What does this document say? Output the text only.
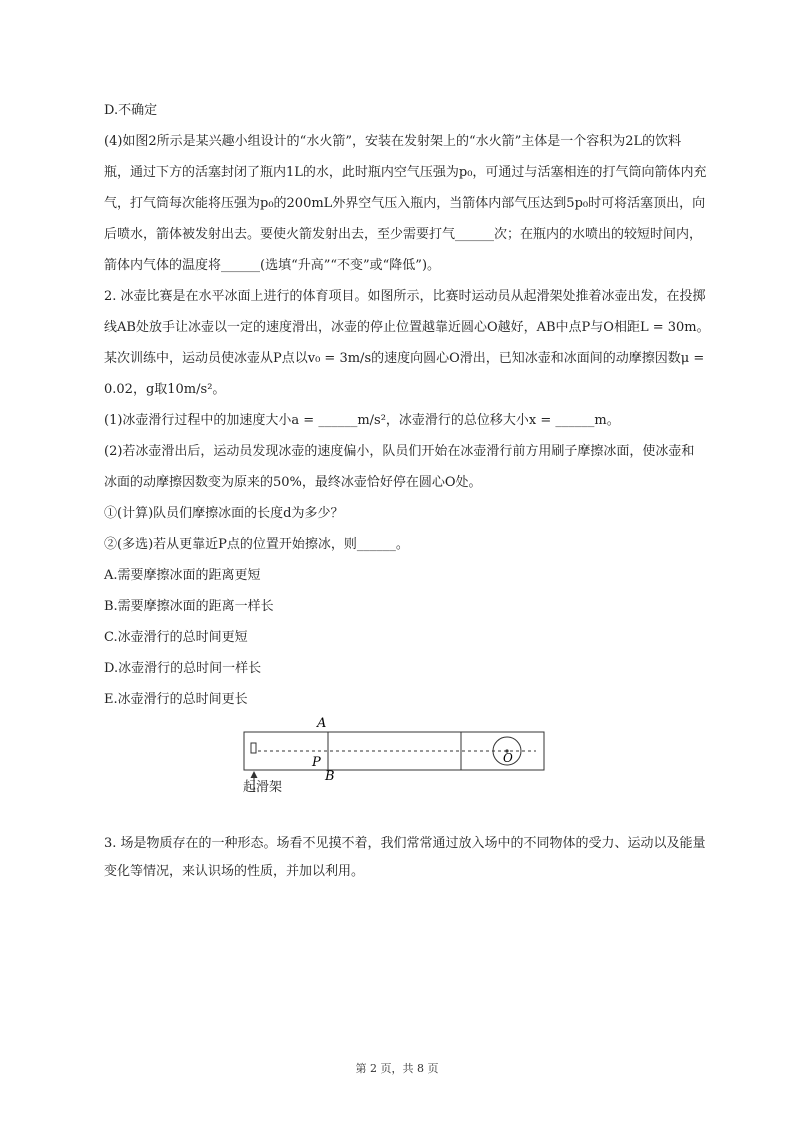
D.不确定
(4)如图2所示是某兴趣小组设计的“水火箭”，安装在发射架上的“水火箭”主体是一个容积为2L的饮料
瓶，通过下方的活塞封闭了瓶内1L的水，此时瓶内空气压强为p₀，可通过与活塞相连的打气筒向箭体内充
气，打气筒每次能将压强为p₀的200mL外界空气压入瓶内，当箭体内部气压达到5p₀时可将活塞顶出，向
后喷水，箭体被发射出去。要使火箭发射出去，至少需要打气______次；在瓶内的水喷出的较短时间内，
箭体内气体的温度将______(选填“升高”“不变”或“降低”)。
2. 冰壶比赛是在水平冰面上进行的体育项目。如图所示，比赛时运动员从起滑架处推着冰壶出发，在投掷
线AB处放手让冰壶以一定的速度滑出，冰壶的停止位置越靠近圆心O越好，AB中点P与O相距L = 30m。
某次训练中，运动员使冰壶从P点以v₀ = 3m/s的速度向圆心O滑出，已知冰壶和冰面间的动摩擦因数μ =
0.02，g取10m/s²。
(1)冰壶滑行过程中的加速度大小a = ______m/s²，冰壶滑行的总位移大小x = ______m。
(2)若冰壶滑出后，运动员发现冰壶的速度偏小，队员们开始在冰壶滑行前方用刷子摩擦冰面，使冰壶和
冰面的动摩擦因数变为原来的50%，最终冰壶恰好停在圆心O处。
①(计算)队员们摩擦冰面的长度d为多少？
②(多选)若从更靠近P点的位置开始擦冰，则______。
A.需要摩擦冰面的距离更短
B.需要摩擦冰面的距离一样长
C.冰壶滑行的总时间更短
D.冰壶滑行的总时间一样长
E.冰壶滑行的总时间更长
A
P
B
O
起滑架
3. 场是物质存在的一种形态。场看不见摸不着，我们常常通过放入场中的不同物体的受力、运动以及能量
变化等情况，来认识场的性质，并加以利用。
第 2 页，共 8 页
